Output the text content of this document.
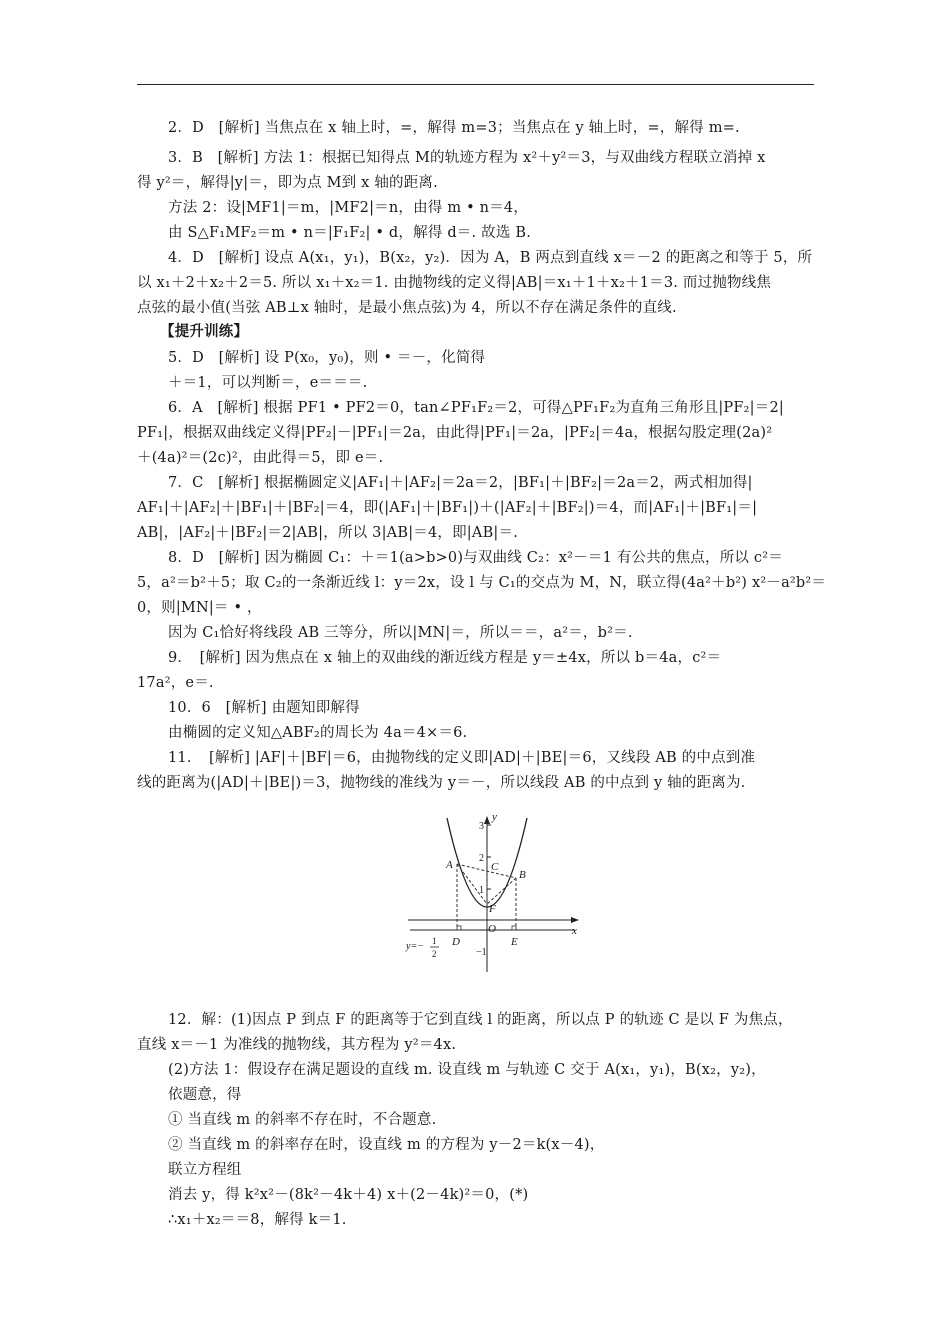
2．D　[解析] 当焦点在 x 轴上时，=，解得 m=3；当焦点在 y 轴上时，=，解得 m=.
3．B　[解析] 方法 1：根据已知得点 M的轨迹方程为 x²＋y²＝3，与双曲线方程联立消掉 x
得 y²＝，解得|y|＝，即为点 M到 x 轴的距离.
方法 2：设|MF1|＝m，|MF2|＝n，由得 m • n＝4，
由 S△F₁MF₂＝m • n＝|F₁F₂| • d，解得 d＝. 故选 B.
4．D　[解析] 设点 A(x₁，y₁)，B(x₂，y₂)．因为 A，B 两点到直线 x＝－2 的距离之和等于 5，所
以 x₁＋2＋x₂＋2＝5. 所以 x₁＋x₂＝1. 由抛物线的定义得|AB|＝x₁＋1＋x₂＋1＝3. 而过抛物线焦
点弦的最小值(当弦 AB⊥x 轴时，是最小焦点弦)为 4，所以不存在满足条件的直线.
【提升训练】
5．D　[解析] 设 P(x₀，y₀)，则 • ＝－，化简得
＋＝1，可以判断＝，e＝＝＝.
6．A　[解析] 根据 PF1 • PF2＝0，tan∠PF₁F₂＝2，可得△PF₁F₂为直角三角形且|PF₂|＝2|
PF₁|，根据双曲线定义得|PF₂|－|PF₁|＝2a，由此得|PF₁|＝2a，|PF₂|＝4a，根据勾股定理(2a)²
＋(4a)²＝(2c)²，由此得＝5，即 e＝.
7．C　[解析] 根据椭圆定义|AF₁|＋|AF₂|＝2a＝2，|BF₁|＋|BF₂|＝2a＝2，两式相加得|
AF₁|＋|AF₂|＋|BF₁|＋|BF₂|＝4，即(|AF₁|＋|BF₁|)＋(|AF₂|＋|BF₂|)＝4，而|AF₁|＋|BF₁|＝|
AB|，|AF₂|＋|BF₂|＝2|AB|，所以 3|AB|＝4，即|AB|＝.
8．D　[解析] 因为椭圆 C₁：＋＝1(a>b>0)与双曲线 C₂：x²－＝1 有公共的焦点，所以 c²＝
5，a²＝b²＋5；取 C₂的一条渐近线 l：y＝2x，设 l 与 C₁的交点为 M，N，联立得(4a²＋b²) x²－a²b²＝
0，则|MN|＝ • ，
因为 C₁恰好将线段 AB 三等分，所以|MN|＝，所以＝＝，a²＝，b²＝.
9．　[解析] 因为焦点在 x 轴上的双曲线的渐近线方程是 y＝±4x，所以 b＝4a，c²＝
17a²，e＝.
10．6　[解析] 由题知即解得
由椭圆的定义知△ABF₂的周长为 4a＝4×＝6.
11．　[解析] |AF|＋|BF|＝6，由抛物线的定义即|AD|＋|BE|＝6，又线段 AB 的中点到准
线的距离为(|AD|＋|BE|)＝3，抛物线的准线为 y＝－，所以线段 AB 的中点到 y 轴的距离为.
12．解：(1)因点 P 到点 F 的距离等于它到直线 l 的距离，所以点 P 的轨迹 C 是以 F 为焦点，
直线 x＝－1 为准线的抛物线，其方程为 y²＝4x.
(2)方法 1：假设存在满足题设的直线 m. 设直线 m 与轨迹 C 交于 A(x₁，y₁)，B(x₂，y₂)，
依题意，得
① 当直线 m 的斜率不存在时，不合题意.
② 当直线 m 的斜率存在时，设直线 m 的方程为 y－2＝k(x－4)，
联立方程组
消去 y，得 k²x²－(8k²－4k＋4) x＋(2－4k)²＝0，(*)
∴x₁＋x₂＝＝8，解得 k＝1.
y
x
3
2
1
−1
O
A
B
C
F
D	E
y=− 1
2
